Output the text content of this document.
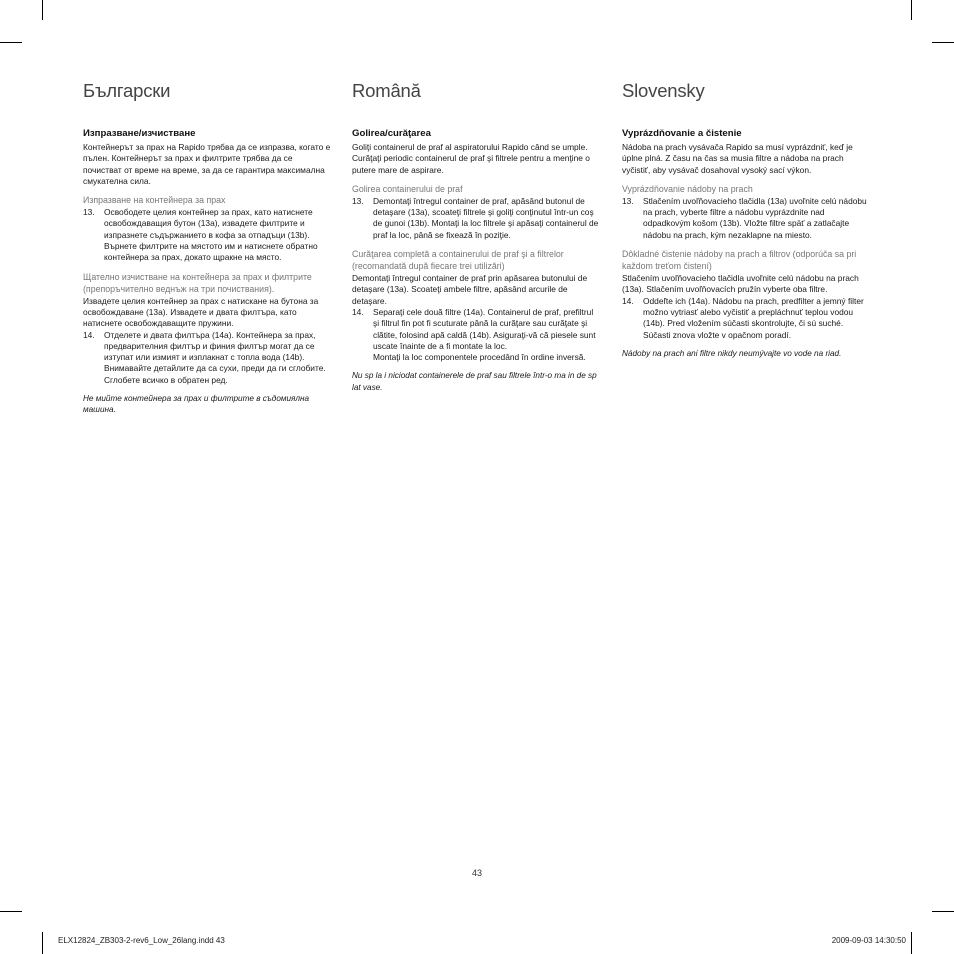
Български
Изпразване/изчистване

Контейнерът за прах на Rapido трябва да се изпразва, когато е пълен. Контейнерът за прах и филтрите трябва да се почистват от време на време, за да се гарантира максимална смукателна сила.

Изпразване на контейнера за прах
13.	Освободете целия контейнер за прах, като натиснете освобождаващия бутон (13a), извадете филтрите и изпразнете съдържанието в кофа за отпадъци (13b). Върнете филтрите на мястото им и натиснете обратно контейнера за прах, докато щракне на място.
Щателно изчистване на контейнера за прах и филтрите (препоръчително веднъж на три почиствания).

Извадете целия контейнер за прах с натискане на бутона за освобождаване (13a). Извадете и двата филтъра, като натиснете освобождаващите пружини.

14.	Отделете и двата филтъра (14a). Контейнера за прах, предварителния филтър и финия филтър могат да се изтупат или измият и изплакнат с топла вода (14b). Внимавайте детайлите да са сухи, преди да ги сглобите.
Сглобете всичко в обратен ред.

Не мийте контейнера за прах и филтрите в съдомиялна машина.

Română
Golirea/curăţarea

Goliţi containerul de praf al aspiratorului Rapido când se umple. Curăţaţi periodic containerul de praf şi filtrele pentru a menţine o putere mare de aspirare.

Golirea containerului de praf
13.	Demontaţi întregul container de praf, apăsând butonul de detaşare (13a), scoateţi filtrele şi goliţi conţinutul într-un coş de gunoi (13b). Montaţi la loc filtrele şi apăsaţi containerul de praf la loc, până se fixează în poziţie.
Curăţarea completă a containerului de praf şi a filtrelor (recomandată după fiecare trei utilizări)

Demontaţi întregul container de praf prin apăsarea butonului de detaşare (13a). Scoateţi ambele filtre, apăsând arcurile de detaşare.

14.	Separaţi cele două filtre (14a). Containerul de praf, prefiltrul şi filtrul fin pot fi scuturate până la curăţare sau curăţate şi clătite, folosind apă caldă (14b). Asiguraţi-vă că piesele sunt uscate înainte de a fi montate la loc.
Montaţi la loc componentele procedând în ordine inversă.

Nu sp la i niciodat containerele de praf sau filtrele într-o ma in de sp lat vase.

Slovensky
Vyprázdňovanie a čistenie

Nádoba na prach vysávača Rapido sa musí vyprázdniť, keď je úplne plná. Z času na čas sa musia filtre a nádoba na prach vyčistiť, aby vysávač dosahoval vysoký sací výkon.

Vyprázdňovanie nádoby na prach
13.	Stlačením uvoľňovacieho tlačidla (13a) uvoľnite celú nádobu na prach, vyberte filtre a nádobu vyprázdnite nad odpadkovým košom (13b). Vložte filtre späť a zatlačajte nádobu na prach, kým nezaklapne na miesto.
Dôkladné čistenie nádoby na prach a filtrov (odporúča sa pri každom treťom čistení)

Stlačením uvoľňovacieho tlačidla uvoľnite celú nádobu na prach (13a). Stlačením uvoľňovacích pružín vyberte oba filtre.

14.	Oddeľte ich (14a). Nádobu na prach, predfilter a jemný filter možno vytriasť alebo vyčistiť a prepláchnuť teplou vodou (14b). Pred vložením súčasti skontrolujte, či sú suché.
Súčasti znova vložte v opačnom poradí.

Nádoby na prach ani filtre nikdy neumývajte vo vode na riad.

43
ELX12824_ZB303-2-rev6_Low_26lang.indd 43	2009-09-03 14:30:50
